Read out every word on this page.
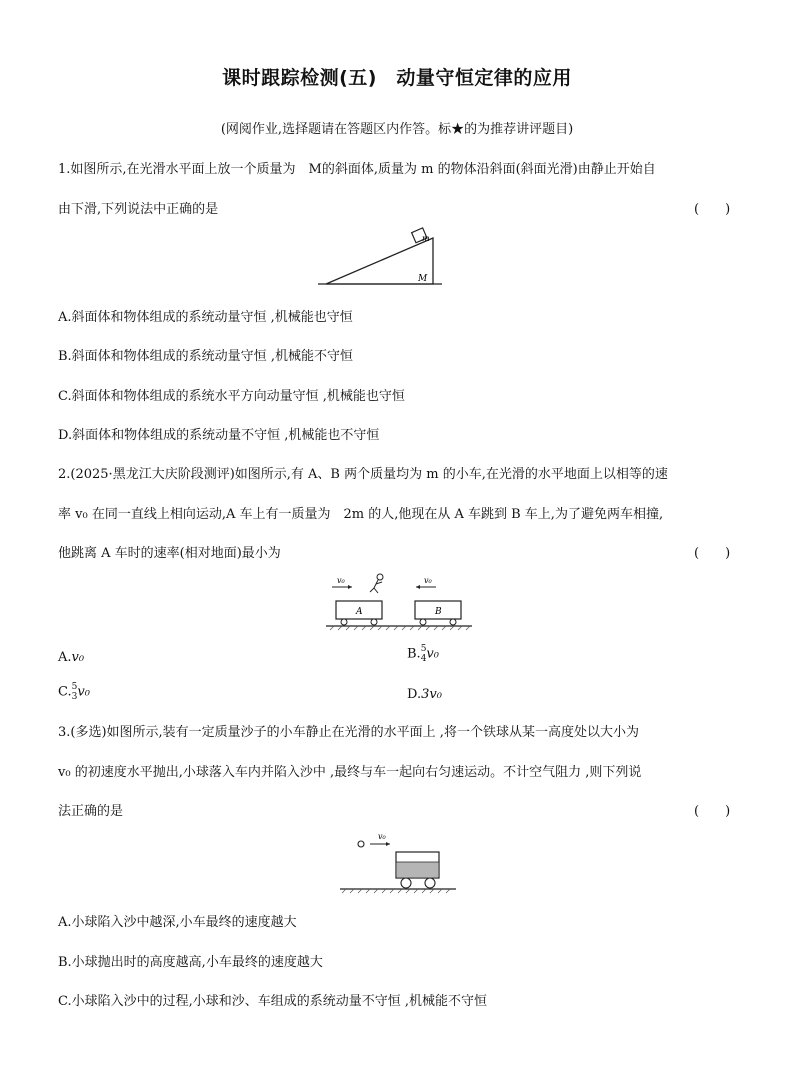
课时跟踪检测(五)　动量守恒定律的应用
(网阅作业,选择题请在答题区内作答。标★的为推荐讲评题目)
1.如图所示,在光滑水平面上放一个质量为　M的斜面体,质量为 m 的物体沿斜面(斜面光滑)由静止开始自
由下滑,下列说法中正确的是	(　　)
m
M
A.斜面体和物体组成的系统动量守恒 ,机械能也守恒
B.斜面体和物体组成的系统动量守恒 ,机械能不守恒
C.斜面体和物体组成的系统水平方向动量守恒 ,机械能也守恒
D.斜面体和物体组成的系统动量不守恒 ,机械能也不守恒
2.(2025·黑龙江大庆阶段测评)如图所示,有 A、B 两个质量均为 m 的小车,在光滑的水平地面上以相等的速
率 v₀ 在同一直线上相向运动,A 车上有一质量为　2m 的人,他现在从 A 车跳到 B 车上,为了避免两车相撞,
他跳离 A 车时的速率(相对地面)最小为	(　　)
v₀	v₀
A	B
A.v₀	B. 5
4 v₀
C. 5
3 v₀	D.3v₀
3.(多选)如图所示,装有一定质量沙子的小车静止在光滑的水平面上 ,将一个铁球从某一高度处以大小为
v₀ 的初速度水平抛出,小球落入车内并陷入沙中 ,最终与车一起向右匀速运动。不计空气阻力 ,则下列说
法正确的是	(　　)
v₀
A.小球陷入沙中越深,小车最终的速度越大
B.小球抛出时的高度越高,小车最终的速度越大
C.小球陷入沙中的过程,小球和沙、车组成的系统动量不守恒 ,机械能不守恒
